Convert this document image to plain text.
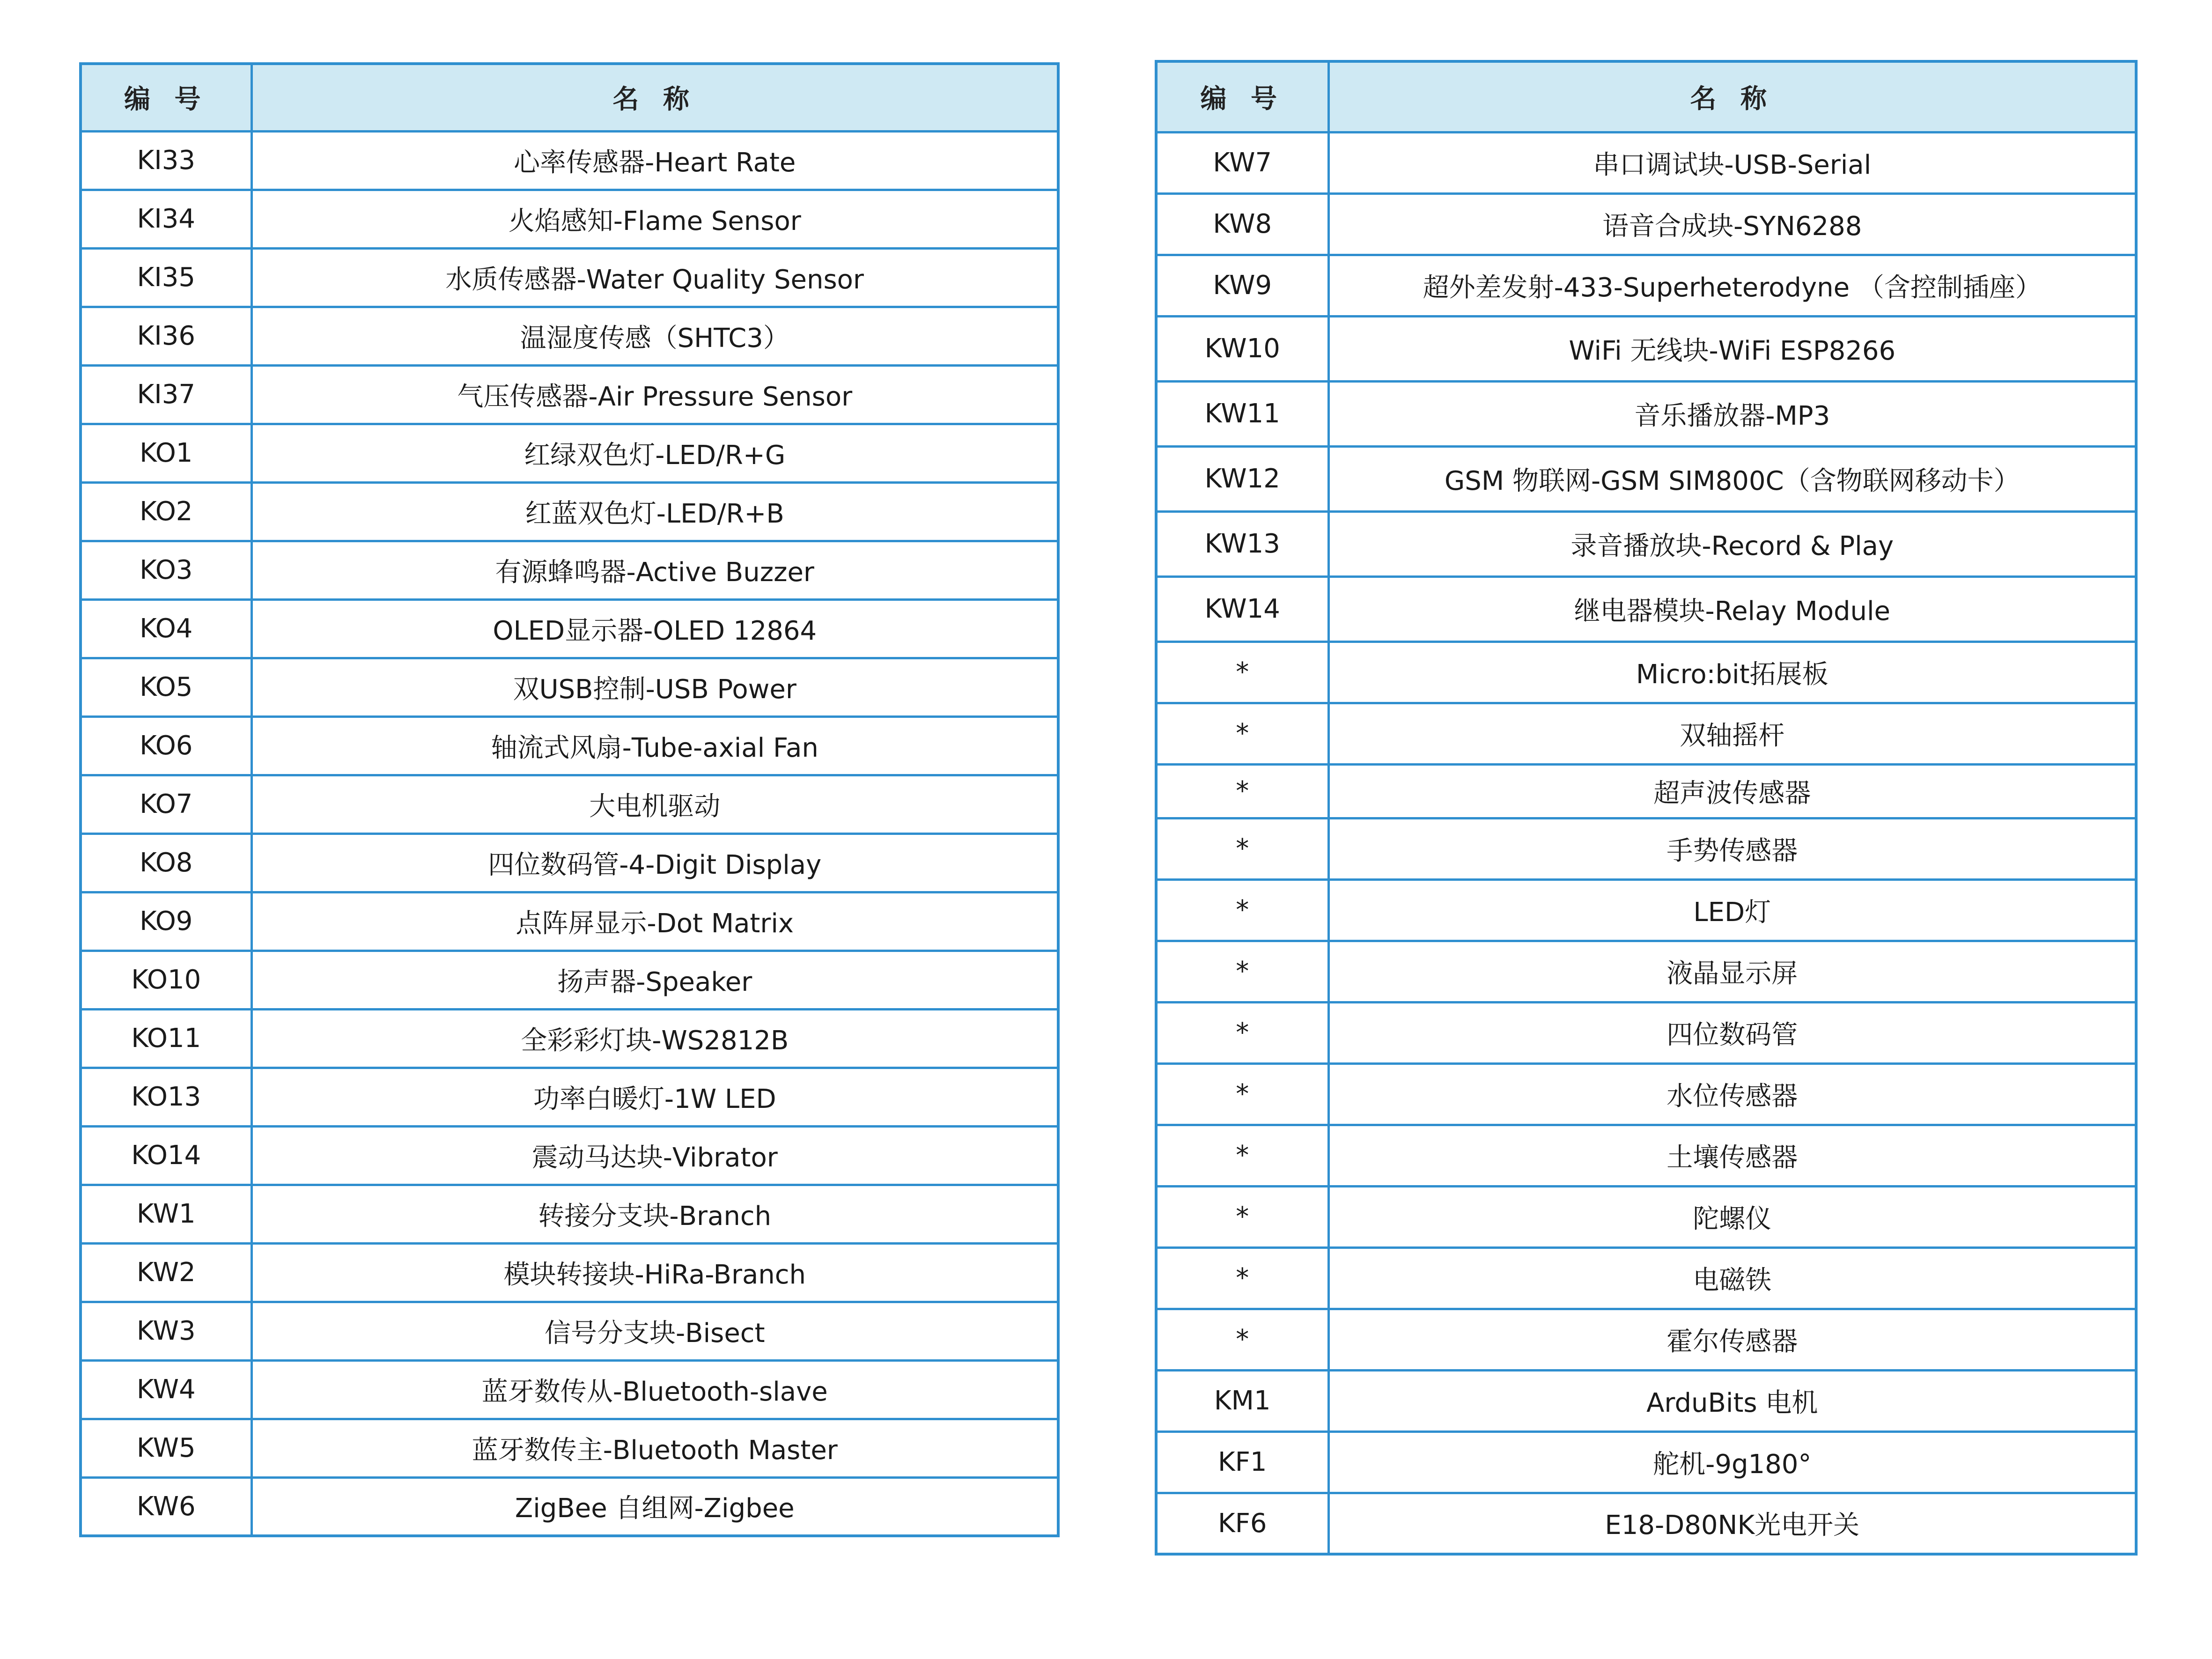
编 号	名 称
KI33	心率传感器-Heart Rate
KI34	火焰感知-Flame Sensor
KI35	水质传感器-Water Quality Sensor
KI36	温湿度传感（SHTC3）
KI37	气压传感器-Air Pressure Sensor
KO1	红绿双色灯-LED/R+G
KO2	红蓝双色灯-LED/R+B
KO3	有源蜂鸣器-Active Buzzer
KO4	OLED显示器-OLED 12864
KO5	双USB控制-USB Power
KO6	轴流式风扇-Tube-axial Fan
KO7	大电机驱动
KO8	四位数码管-4-Digit Display
KO9	点阵屏显示-Dot Matrix
KO10	扬声器-Speaker
KO11	全彩彩灯块-WS2812B
KO13	功率白暖灯-1W LED
KO14	震动马达块-Vibrator
KW1	转接分支块-Branch
KW2	模块转接块-HiRa-Branch
KW3	信号分支块-Bisect
KW4	蓝牙数传从-Bluetooth-slave
KW5	蓝牙数传主-Bluetooth Master
KW6	ZigBee 自组网-Zigbee
编 号	名 称
KW7	串口调试块-USB-Serial
KW8	语音合成块-SYN6288
KW9	超外差发射-433-Superheterodyne （含控制插座）
KW10	WiFi 无线块-WiFi ESP8266
KW11	音乐播放器-MP3
KW12	GSM 物联网-GSM SIM800C（含物联网移动卡）
KW13	录音播放块-Record & Play
KW14	继电器模块-Relay Module
*	Micro:bit拓展板
*	双轴摇杆
*	超声波传感器
*	手势传感器
*	LED灯
*	液晶显示屏
*	四位数码管
*	水位传感器
*	土壤传感器
*	陀螺仪
*	电磁铁
*	霍尔传感器
KM1	ArduBits 电机
KF1	舵机-9g180°
KF6	E18-D80NK光电开关
